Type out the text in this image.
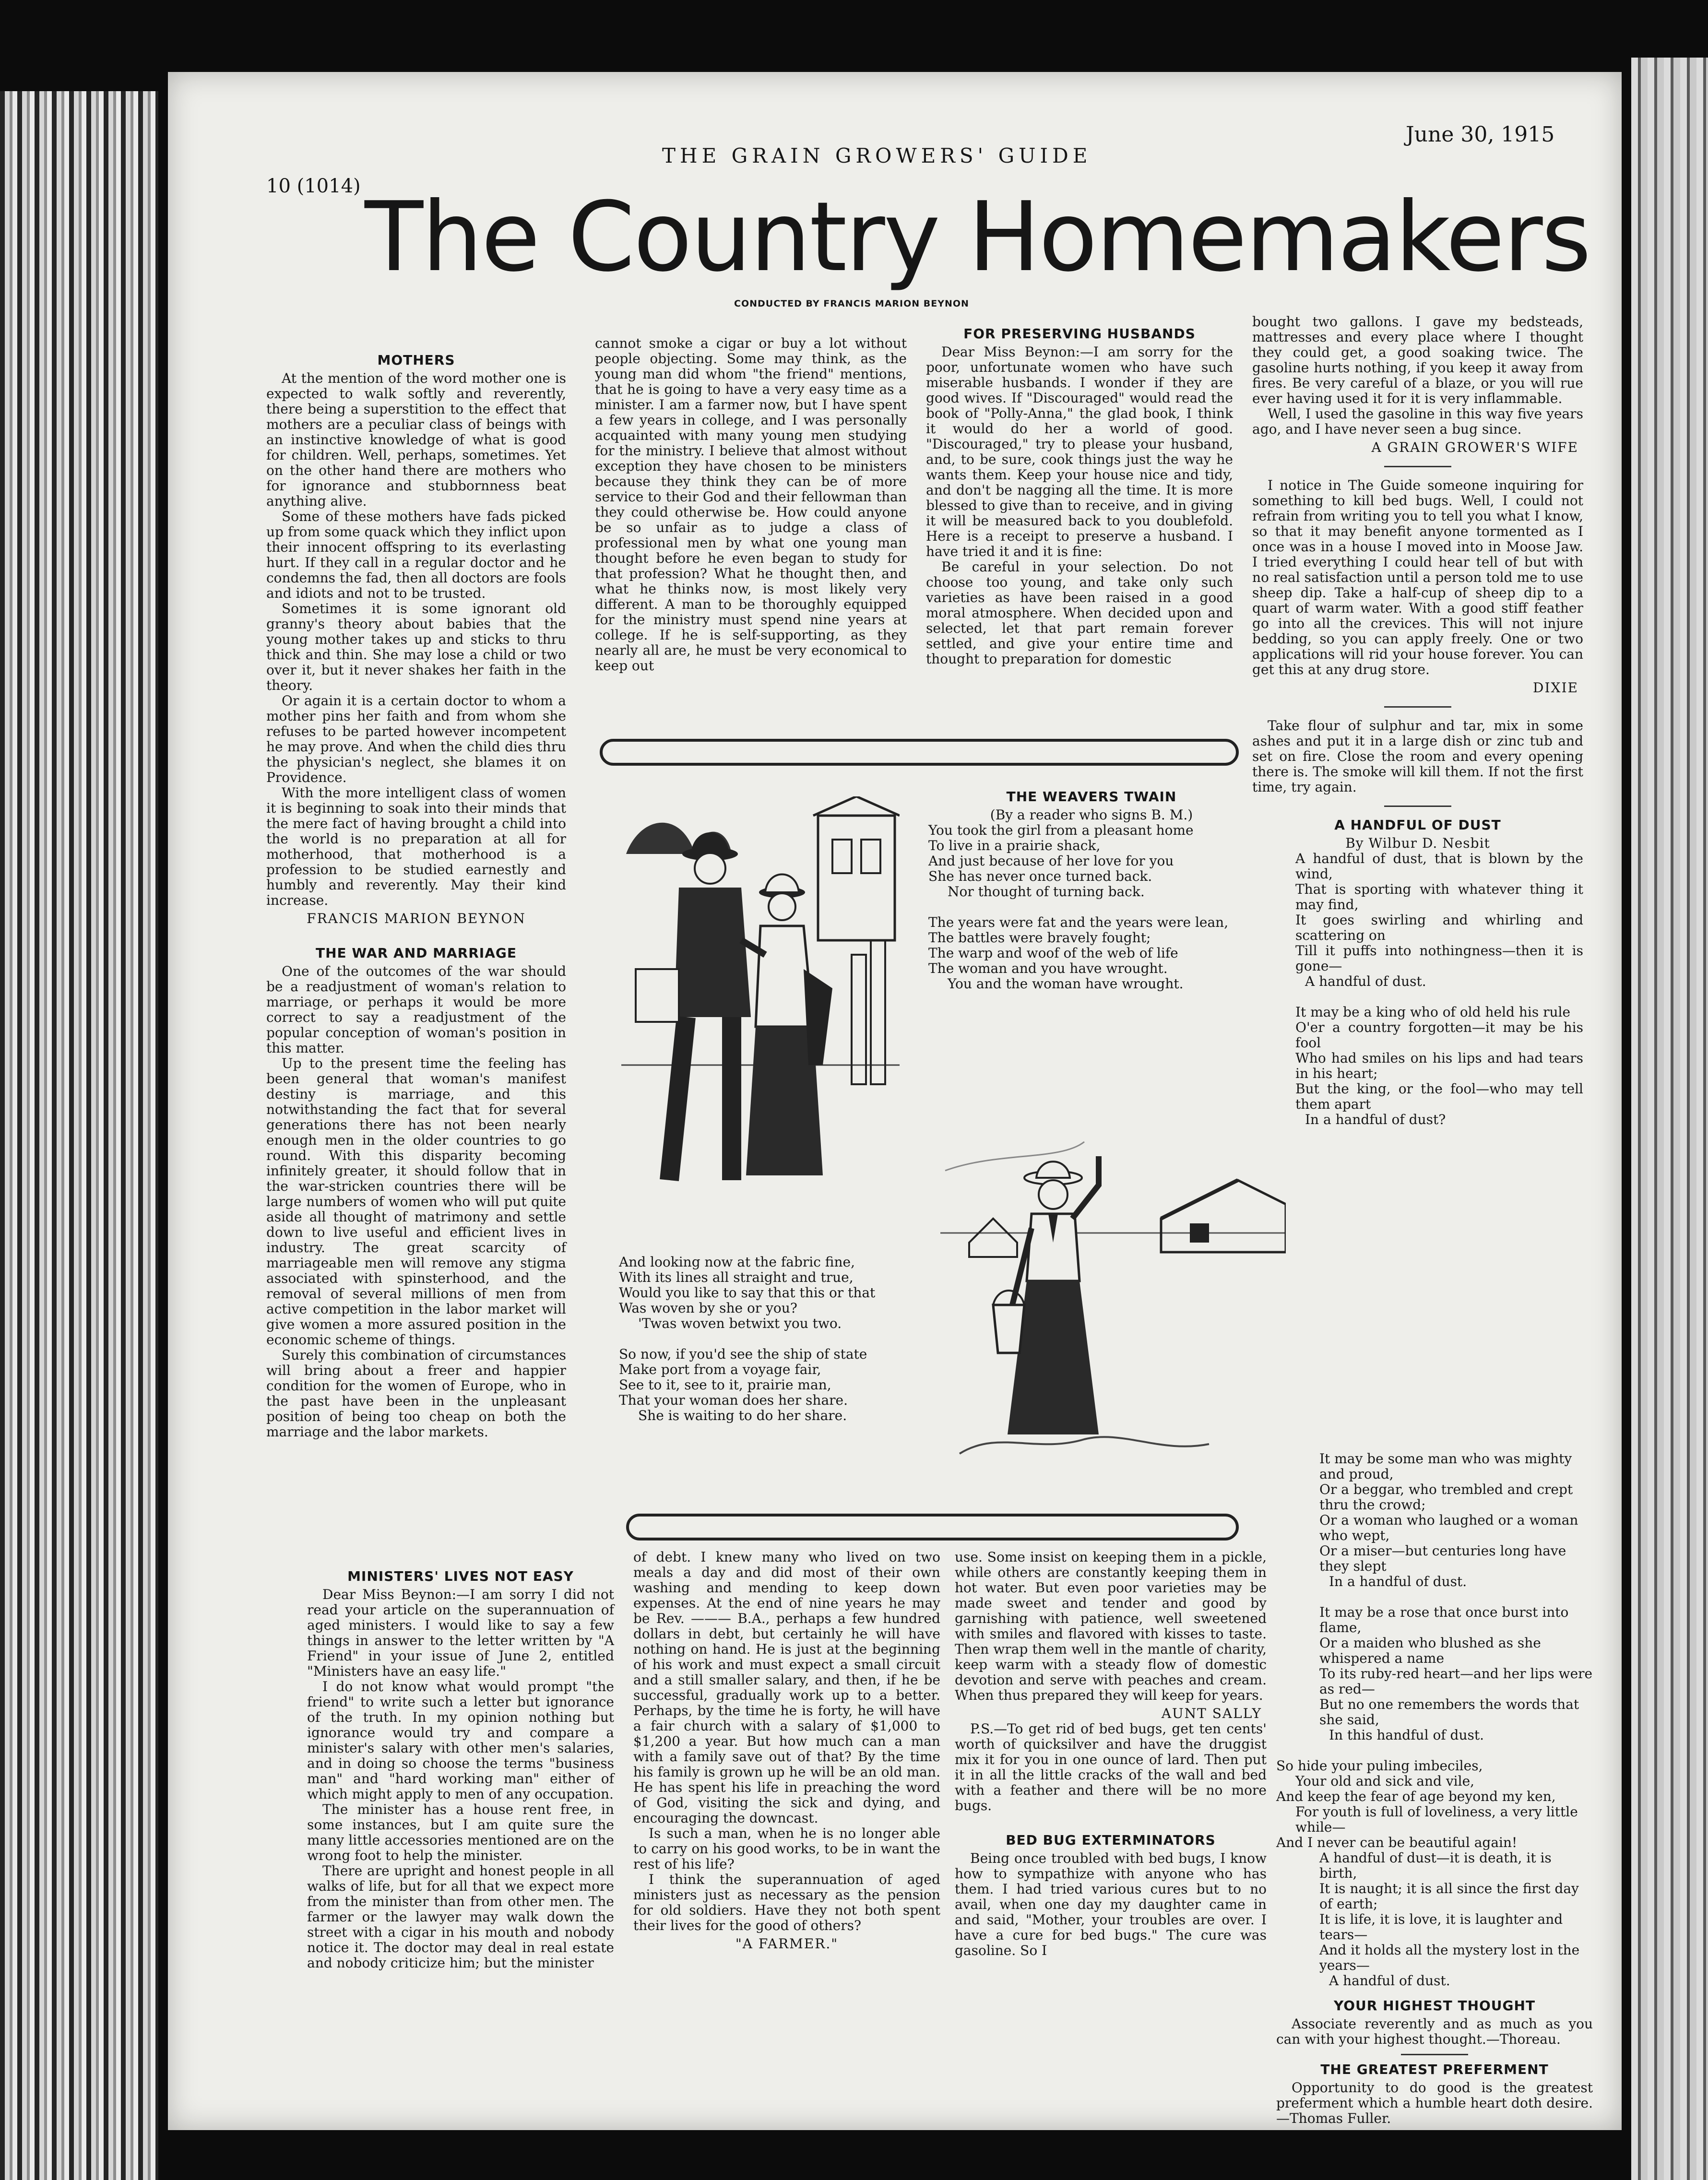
THE GRAIN GROWERS' GUIDE
10 (1014)
June 30, 1915
The Country Homemakers
CONDUCTED BY FRANCIS MARION BEYNON
MOTHERS

At the mention of the word mother one is expected to walk softly and reverently, there being a superstition to the effect that mothers are a peculiar class of beings with an instinctive knowledge of what is good for children. Well, perhaps, sometimes. Yet on the other hand there are mothers who for ignorance and stubbornness beat anything alive.

Some of these mothers have fads picked up from some quack which they inflict upon their innocent offspring to its everlasting hurt. If they call in a regular doctor and he condemns the fad, then all doctors are fools and idiots and not to be trusted.

Sometimes it is some ignorant old granny's theory about babies that the young mother takes up and sticks to thru thick and thin. She may lose a child or two over it, but it never shakes her faith in the theory.

Or again it is a certain doctor to whom a mother pins her faith and from whom she refuses to be parted however incompetent he may prove. And when the child dies thru the physician's neglect, she blames it on Providence.

With the more intelligent class of women it is beginning to soak into their minds that the mere fact of having brought a child into the world is no preparation at all for motherhood, that motherhood is a profession to be studied earnestly and humbly and reverently. May their kind increase.

FRANCIS MARION BEYNON
THE WAR AND MARRIAGE

One of the outcomes of the war should be a readjustment of woman's relation to marriage, or perhaps it would be more correct to say a readjustment of the popular conception of woman's position in this matter.

Up to the present time the feeling has been general that woman's manifest destiny is marriage, and this notwithstanding the fact that for several generations there has not been nearly enough men in the older countries to go round. With this disparity becoming infinitely greater, it should follow that in the war-stricken countries there will be large numbers of women who will put quite aside all thought of matrimony and settle down to live useful and efficient lives in industry. The great scarcity of marriageable men will remove any stigma associated with spinsterhood, and the removal of several millions of men from active competition in the labor market will give women a more assured position in the economic scheme of things.

Surely this combination of circumstances will bring about a freer and happier condition for the women of Europe, who in the past have been in the unpleasant position of being too cheap on both the marriage and the labor markets.

cannot smoke a cigar or buy a lot without people objecting. Some may think, as the young man did whom "the friend" mentions, that he is going to have a very easy time as a minister. I am a farmer now, but I have spent a few years in college, and I was personally acquainted with many young men studying for the ministry. I believe that almost without exception they have chosen to be ministers because they think they can be of more service to their God and their fellowman than they could otherwise be. How could anyone be so unfair as to judge a class of professional men by what one young man thought before he even began to study for that profession? What he thought then, and what he thinks now, is most likely very different. A man to be thoroughly equipped for the ministry must spend nine years at college. If he is self-supporting, as they nearly all are, he must be very economical to keep out

FOR PRESERVING HUSBANDS

Dear Miss Beynon:—I am sorry for the poor, unfortunate women who have such miserable husbands. I wonder if they are good wives. If "Discouraged" would read the book of "Polly-Anna," the glad book, I think it would do her a world of good. "Discouraged," try to please your husband, and, to be sure, cook things just the way he wants them. Keep your house nice and tidy, and don't be nagging all the time. It is more blessed to give than to receive, and in giving it will be measured back to you doublefold. Here is a receipt to preserve a husband. I have tried it and it is fine:

Be careful in your selection. Do not choose too young, and take only such varieties as have been raised in a good moral atmosphere. When decided upon and selected, let that part remain forever settled, and give your entire time and thought to preparation for domestic

bought two gallons. I gave my bedsteads, mattresses and every place where I thought they could get, a good soaking twice. The gasoline hurts nothing, if you keep it away from fires. Be very careful of a blaze, or you will rue ever having used it for it is very inflammable.

Well, I used the gasoline in this way five years ago, and I have never seen a bug since.

A GRAIN GROWER'S WIFE

I notice in The Guide someone inquiring for something to kill bed bugs. Well, I could not refrain from writing you to tell you what I know, so that it may benefit anyone tormented as I once was in a house I moved into in Moose Jaw. I tried everything I could hear tell of but with no real satisfaction until a person told me to use sheep dip. Take a half-cup of sheep dip to a quart of warm water. With a good stiff feather go into all the crevices. This will not injure bedding, so you can apply freely. One or two applications will rid your house forever. You can get this at any drug store.

DIXIE

Take flour of sulphur and tar, mix in some ashes and put it in a large dish or zinc tub and set on fire. Close the room and every opening there is. The smoke will kill them. If not the first time, try again.

A HANDFUL OF DUST
By Wilbur D. Nesbit
A handful of dust, that is blown by the wind,
That is sporting with whatever thing it may find,
It goes swirling and whirling and scattering on
Till it puffs into nothingness—then it is gone—
A handful of dust.
It may be a king who of old held his rule
O'er a country forgotten—it may be his fool
Who had smiles on his lips and had tears in his heart;
But the king, or the fool—who may tell them apart
In a handful of dust?
THE WEAVERS TWAIN
(By a reader who signs B. M.)
You took the girl from a pleasant home
To live in a prairie shack,
And just because of her love for you
She has never once turned back.
Nor thought of turning back.
The years were fat and the years were lean,
The battles were bravely fought;
The warp and woof of the web of life
The woman and you have wrought.
You and the woman have wrought.
And looking now at the fabric fine,
With its lines all straight and true,
Would you like to say that this or that
Was woven by she or you?
'Twas woven betwixt you two.
So now, if you'd see the ship of state
Make port from a voyage fair,
See to it, see to it, prairie man,
That your woman does her share.
She is waiting to do her share.
MINISTERS' LIVES NOT EASY

Dear Miss Beynon:—I am sorry I did not read your article on the superannuation of aged ministers. I would like to say a few things in answer to the letter written by "A Friend" in your issue of June 2, entitled "Ministers have an easy life."

I do not know what would prompt "the friend" to write such a letter but ignorance of the truth. In my opinion nothing but ignorance would try and compare a minister's salary with other men's salaries, and in doing so choose the terms "business man" and "hard working man" either of which might apply to men of any occupation.

The minister has a house rent free, in some instances, but I am quite sure the many little accessories mentioned are on the wrong foot to help the minister.

There are upright and honest people in all walks of life, but for all that we expect more from the minister than from other men. The farmer or the lawyer may walk down the street with a cigar in his mouth and nobody notice it. The doctor may deal in real estate and nobody criticize him; but the minister

of debt. I knew many who lived on two meals a day and did most of their own washing and mending to keep down expenses. At the end of nine years he may be Rev. ——— B.A., perhaps a few hundred dollars in debt, but certainly he will have nothing on hand. He is just at the beginning of his work and must expect a small circuit and a still smaller salary, and then, if he be successful, gradually work up to a better. Perhaps, by the time he is forty, he will have a fair church with a salary of $1,000 to $1,200 a year. But how much can a man with a family save out of that? By the time his family is grown up he will be an old man. He has spent his life in preaching the word of God, visiting the sick and dying, and encouraging the downcast.

Is such a man, when he is no longer able to carry on his good works, to be in want the rest of his life?

I think the superannuation of aged ministers just as necessary as the pension for old soldiers. Have they not both spent their lives for the good of others?

"A FARMER."

use. Some insist on keeping them in a pickle, while others are constantly keeping them in hot water. But even poor varieties may be made sweet and tender and good by garnishing with patience, well sweetened with smiles and flavored with kisses to taste. Then wrap them well in the mantle of charity, keep warm with a steady flow of domestic devotion and serve with peaches and cream. When thus prepared they will keep for years.

AUNT SALLY

P.S.—To get rid of bed bugs, get ten cents' worth of quicksilver and have the druggist mix it for you in one ounce of lard. Then put it in all the little cracks of the wall and bed with a feather and there will be no more bugs.

BED BUG EXTERMINATORS

Being once troubled with bed bugs, I know how to sympathize with anyone who has them. I had tried various cures but to no avail, when one day my daughter came in and said, "Mother, your troubles are over. I have a cure for bed bugs." The cure was gasoline. So I

It may be some man who was mighty and proud,
Or a beggar, who trembled and crept thru the crowd;
Or a woman who laughed or a woman who wept,
Or a miser—but centuries long have they slept
In a handful of dust.
It may be a rose that once burst into flame,
Or a maiden who blushed as she whispered a name
To its ruby-red heart—and her lips were as red—
But no one remembers the words that she said,
In this handful of dust.
So hide your puling imbeciles,
Your old and sick and vile,
And keep the fear of age beyond my ken,
For youth is full of loveliness, a very little while—
And I never can be beautiful again!
A handful of dust—it is death, it is birth,
It is naught; it is all since the first day of earth;
It is life, it is love, it is laughter and tears—
And it holds all the mystery lost in the years—
A handful of dust.
YOUR HIGHEST THOUGHT

Associate reverently and as much as you can with your highest thought.—Thoreau.

THE GREATEST PREFERMENT

Opportunity to do good is the greatest preferment which a humble heart doth desire.—Thomas Fuller.
